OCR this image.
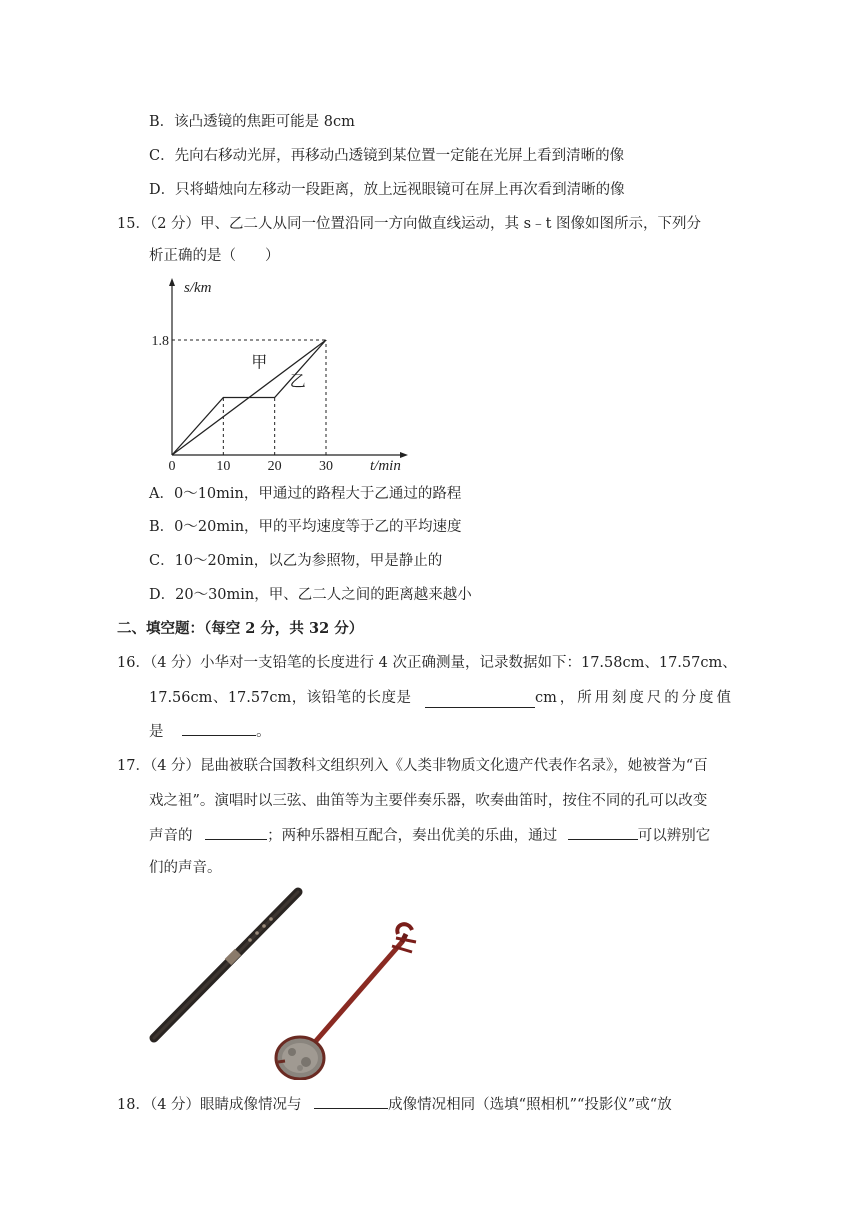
B．该凸透镜的焦距可能是 8cm
C．先向右移动光屏，再移动凸透镜到某位置一定能在光屏上看到清晰的像
D．只将蜡烛向左移动一段距离，放上远视眼镜可在屏上再次看到清晰的像
15．（2 分）甲、乙二人从同一位置沿同一方向做直线运动，其 s﹣t 图像如图所示，下列分
析正确的是（　　）
s/km
t/min
0	10	20	30
1.8
甲
乙
A．0～10min，甲通过的路程大于乙通过的路程
B．0～20min，甲的平均速度等于乙的平均速度
C．10～20min，以乙为参照物，甲是静止的
D．20～30min，甲、乙二人之间的距离越来越小
二、填空题：（每空 2 分，共 32 分）
16．（4 分）小华对一支铅笔的长度进行 4 次正确测量，记录数据如下：17.58cm、17.57cm、
17.56cm 、 17.57cm ， 该 铅 笔 的 长 度 是	cm ， 所 用 刻 度 尺 的 分 度 值
是	。
17．（4 分）昆曲被联合国教科文组织列入《人类非物质文化遗产代表作名录》，她被誉为“百
戏之祖”。演唱时以三弦、曲笛等为主要伴奏乐器，吹奏曲笛时，按住不同的孔可以改变
声音的	；两种乐器相互配合，奏出优美的乐曲，通过	可以辨别它
们的声音。
18．（4 分）眼睛成像情况与	成像情况相同（选填“照相机”“投影仪”或“放
